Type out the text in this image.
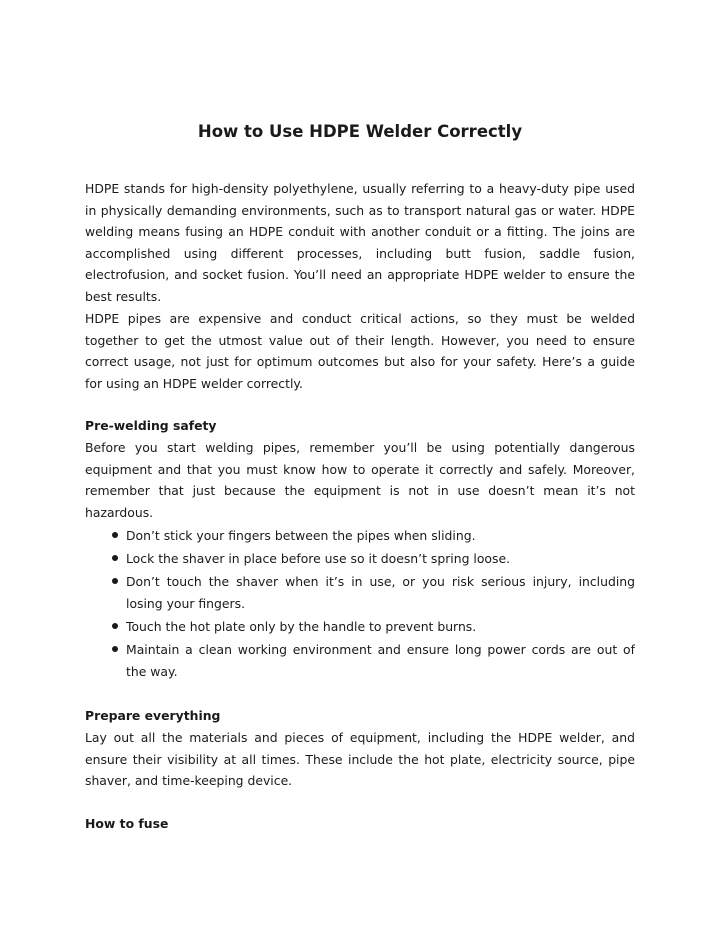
How to Use HDPE Welder Correctly

HDPE stands for high-density polyethylene, usually referring to a heavy-duty pipe used in physically demanding environments, such as to transport natural gas or water. HDPE welding means fusing an HDPE conduit with another conduit or a fitting. The joins are accomplished using different processes, including butt fusion, saddle fusion, electrofusion, and socket fusion. You’ll need an appropriate HDPE welder to ensure the best results.

HDPE pipes are expensive and conduct critical actions, so they must be welded together to get the utmost value out of their length. However, you need to ensure correct usage, not just for optimum outcomes but also for your safety. Here’s a guide for using an HDPE welder correctly.

Pre-welding safety

Before you start welding pipes, remember you’ll be using potentially dangerous equipment and that you must know how to operate it correctly and safely. Moreover, remember that just because the equipment is not in use doesn’t mean it’s not hazardous.

Don’t stick your fingers between the pipes when sliding.
Lock the shaver in place before use so it doesn’t spring loose.
Don’t touch the shaver when it’s in use, or you risk serious injury, including losing your fingers.
Touch the hot plate only by the handle to prevent burns.
Maintain a clean working environment and ensure long power cords are out of the way.
Prepare everything

Lay out all the materials and pieces of equipment, including the HDPE welder, and ensure their visibility at all times. These include the hot plate, electricity source, pipe shaver, and time-keeping device.

How to fuse
